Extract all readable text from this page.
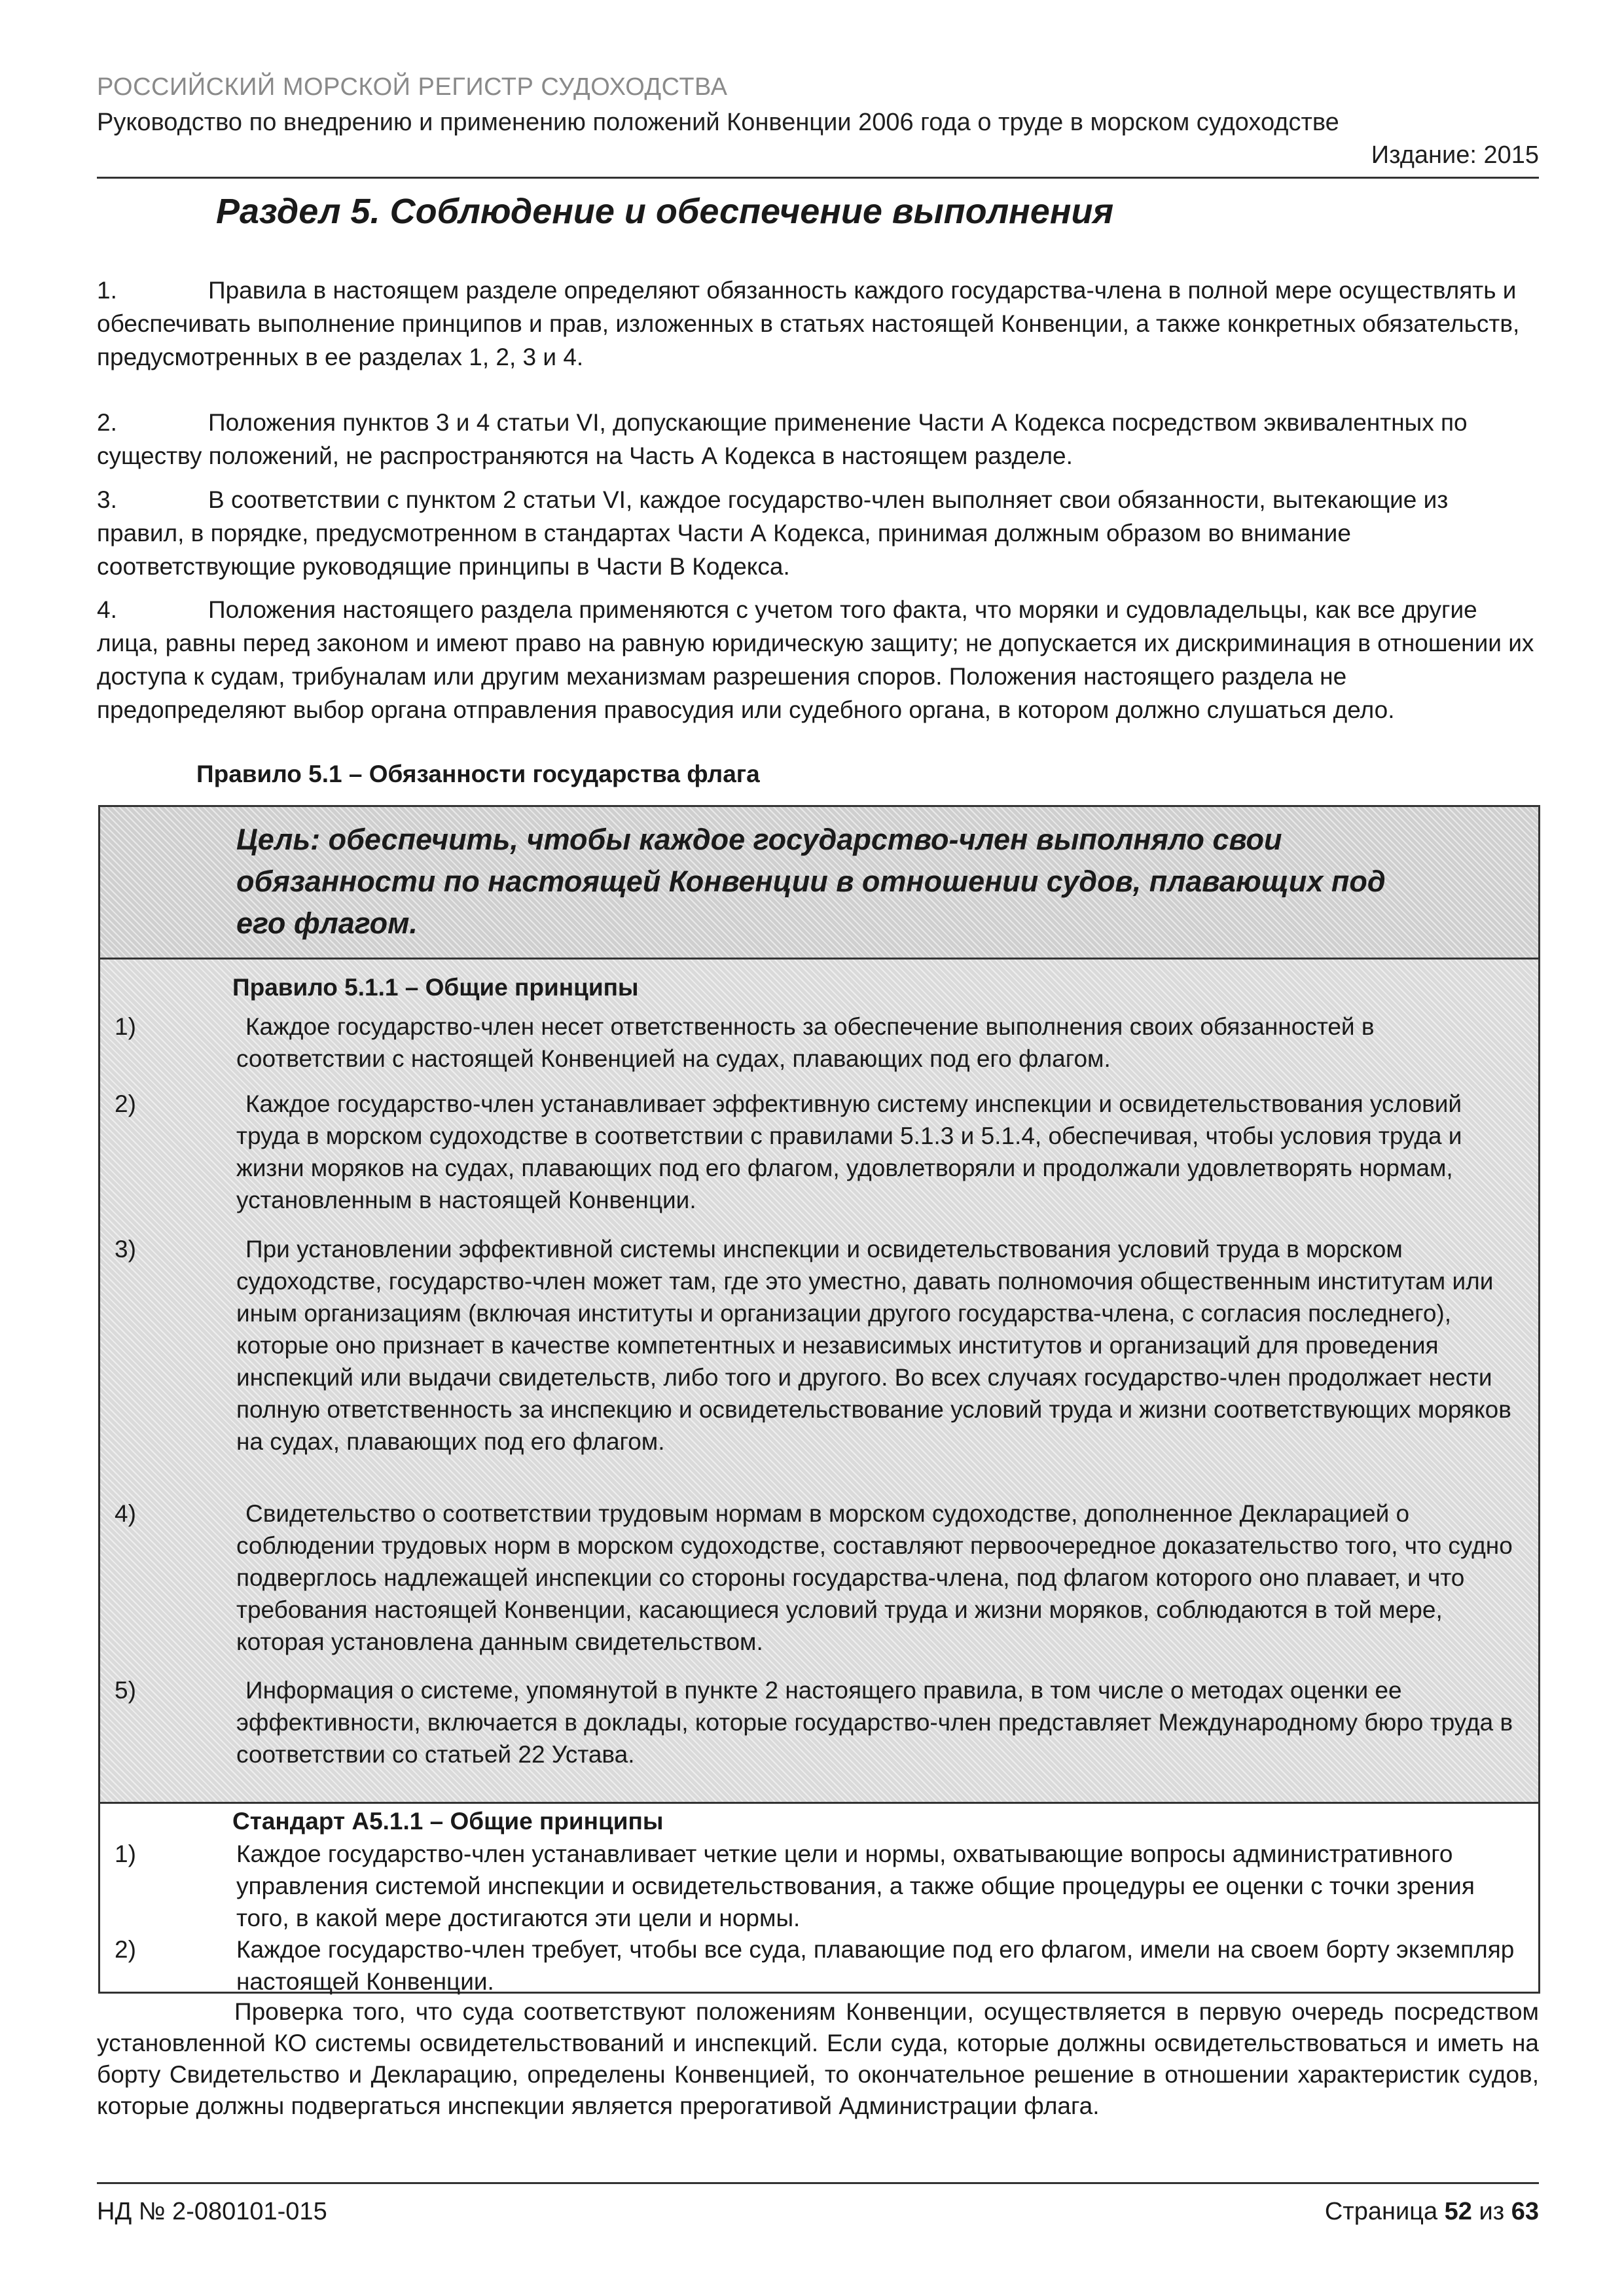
РОССИЙСКИЙ МОРСКОЙ РЕГИСТР СУДОХОДСТВА
Руководство по внедрению и применению положений Конвенции 2006 года о труде в морском судоходстве
Издание: 2015
Раздел 5. Соблюдение и обеспечение выполнения
1.	Правила в настоящем разделе определяют обязанность каждого государства-члена в полной мере осуществлять и обеспечивать выполнение принципов и прав, изложенных в статьях настоящей Конвенции, а также конкретных обязательств, предусмотренных в ее разделах 1, 2, 3 и 4.
2.	Положения пунктов 3 и 4 статьи VI, допускающие применение Части А Кодекса посредством эквивалентных по существу положений, не распространяются на Часть А Кодекса в настоящем разделе.
3.	В соответствии с пунктом 2 статьи VI, каждое государство-член выполняет свои обязанности, вытекающие из правил, в порядке, предусмотренном в стандартах Части А Кодекса, принимая должным образом во внимание соответствующие руководящие принципы в Части В Кодекса.
4.	Положения настоящего раздела применяются с учетом того факта, что моряки и судовладельцы, как все другие лица, равны перед законом и имеют право на равную юридическую защиту; не допускается их дискриминация в отношении их доступа к судам, трибуналам или другим механизмам разрешения споров. Положения настоящего раздела не предопределяют выбор органа отправления правосудия или судебного органа, в котором должно слушаться дело.
Правило 5.1 – Обязанности государства флага
Цель: обеспечить, чтобы каждое государство-член выполняло свои обязанности по настоящей Конвенции в отношении судов, плавающих под его флагом.
Правило 5.1.1 – Общие принципы
1)	Каждое государство-член несет ответственность за обеспечение выполнения своих обязанностей в соответствии с настоящей Конвенцией на судах, плавающих под его флагом.
2)	Каждое государство-член устанавливает эффективную систему инспекции и освидетельствования условий труда в морском судоходстве в соответствии с правилами 5.1.3 и 5.1.4, обеспечивая, чтобы условия труда и жизни моряков на судах, плавающих под его флагом, удовлетворяли и продолжали удовлетворять нормам, установленным в настоящей Конвенции.
3)	При установлении эффективной системы инспекции и освидетельствования условий труда в морском судоходстве, государство-член может там, где это уместно, давать полномочия общественным институтам или иным организациям (включая институты и организации другого государства-члена, с согласия последнего), которые оно признает в качестве компетентных и независимых институтов и организаций для проведения инспекций или выдачи свидетельств, либо того и другого. Во всех случаях государство-член продолжает нести полную ответственность за инспекцию и освидетельствование условий труда и жизни соответствующих моряков на судах, плавающих под его флагом.
4)	Свидетельство о соответствии трудовым нормам в морском судоходстве, дополненное Декларацией о соблюдении трудовых норм в морском судоходстве, составляют первоочередное доказательство того, что судно подверглось надлежащей инспекции со стороны государства-члена, под флагом которого оно плавает, и что требования настоящей Конвенции, касающиеся условий труда и жизни моряков, соблюдаются в той мере, которая установлена данным свидетельством.
5)	Информация о системе, упомянутой в пункте 2 настоящего правила, в том числе о методах оценки ее эффективности, включается в доклады, которые государство-член представляет Международному бюро труда в соответствии со статьей 22 Устава.
Стандарт А5.1.1 – Общие принципы
1)	Каждое государство-член устанавливает четкие цели и нормы, охватывающие вопросы административного управления системой инспекции и освидетельствования, а также общие процедуры ее оценки с точки зрения того, в какой мере достигаются эти цели и нормы.
2)	Каждое государство-член требует, чтобы все суда, плавающие под его флагом, имели на своем борту экземпляр настоящей Конвенции.
Проверка того, что суда соответствуют положениям Конвенции, осуществляется в первую очередь посредством установленной КО системы освидетельствований и инспекций. Если суда, которые должны освидетельствоваться и иметь на борту Свидетельство и Декларацию, определены Конвенцией, то окончательное решение в отношении характеристик судов, которые должны подвергаться инспекции является прерогативой Администрации флага.
НД № 2-080101-015	Страница 52 из 63
